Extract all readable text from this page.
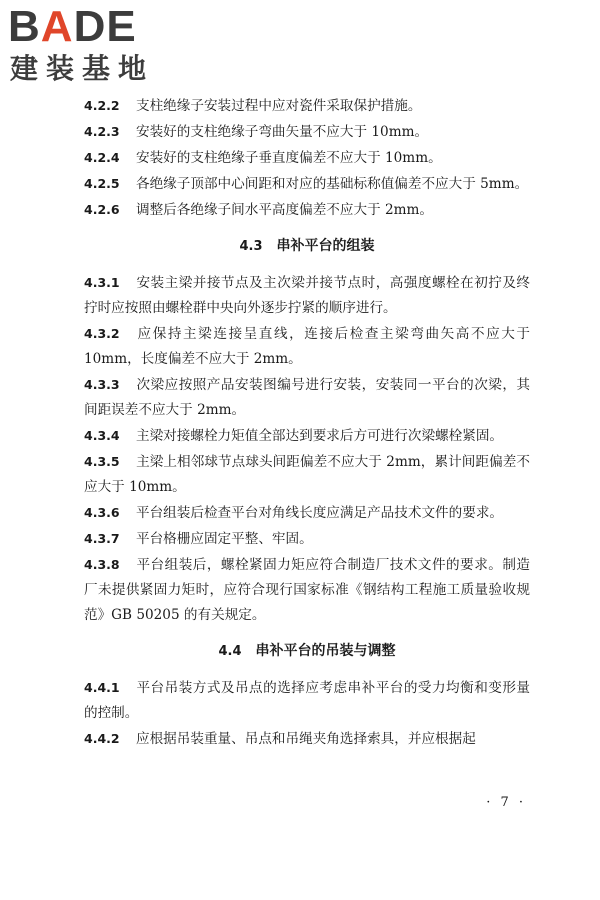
BADE
建装基地
4.2.2 支柱绝缘子安装过程中应对瓷件采取保护措施。
4.2.3 安装好的支柱绝缘子弯曲矢量不应大于 10mm。
4.2.4 安装好的支柱绝缘子垂直度偏差不应大于 10mm。
4.2.5 各绝缘子顶部中心间距和对应的基础标称值偏差不应大于 5mm。
4.2.6 调整后各绝缘子间水平高度偏差不应大于 2mm。
4.3 串补平台的组装
4.3.1 安装主梁并接节点及主次梁并接节点时，高强度螺栓在初拧及终拧时应按照由螺栓群中央向外逐步拧紧的顺序进行。
4.3.2 应保持主梁连接呈直线，连接后检查主梁弯曲矢高不应大于 10mm，长度偏差不应大于 2mm。
4.3.3 次梁应按照产品安装图编号进行安装，安装同一平台的次梁，其间距误差不应大于 2mm。
4.3.4 主梁对接螺栓力矩值全部达到要求后方可进行次梁螺栓紧固。
4.3.5 主梁上相邻球节点球头间距偏差不应大于 2mm，累计间距偏差不应大于 10mm。
4.3.6 平台组装后检查平台对角线长度应满足产品技术文件的要求。
4.3.7 平台格栅应固定平整、牢固。
4.3.8 平台组装后，螺栓紧固力矩应符合制造厂技术文件的要求。制造厂未提供紧固力矩时，应符合现行国家标准《钢结构工程施工质量验收规范》GB 50205 的有关规定。
4.4 串补平台的吊装与调整
4.4.1 平台吊装方式及吊点的选择应考虑串补平台的受力均衡和变形量的控制。
4.4.2 应根据吊装重量、吊点和吊绳夹角选择索具，并应根据起
· 7 ·
